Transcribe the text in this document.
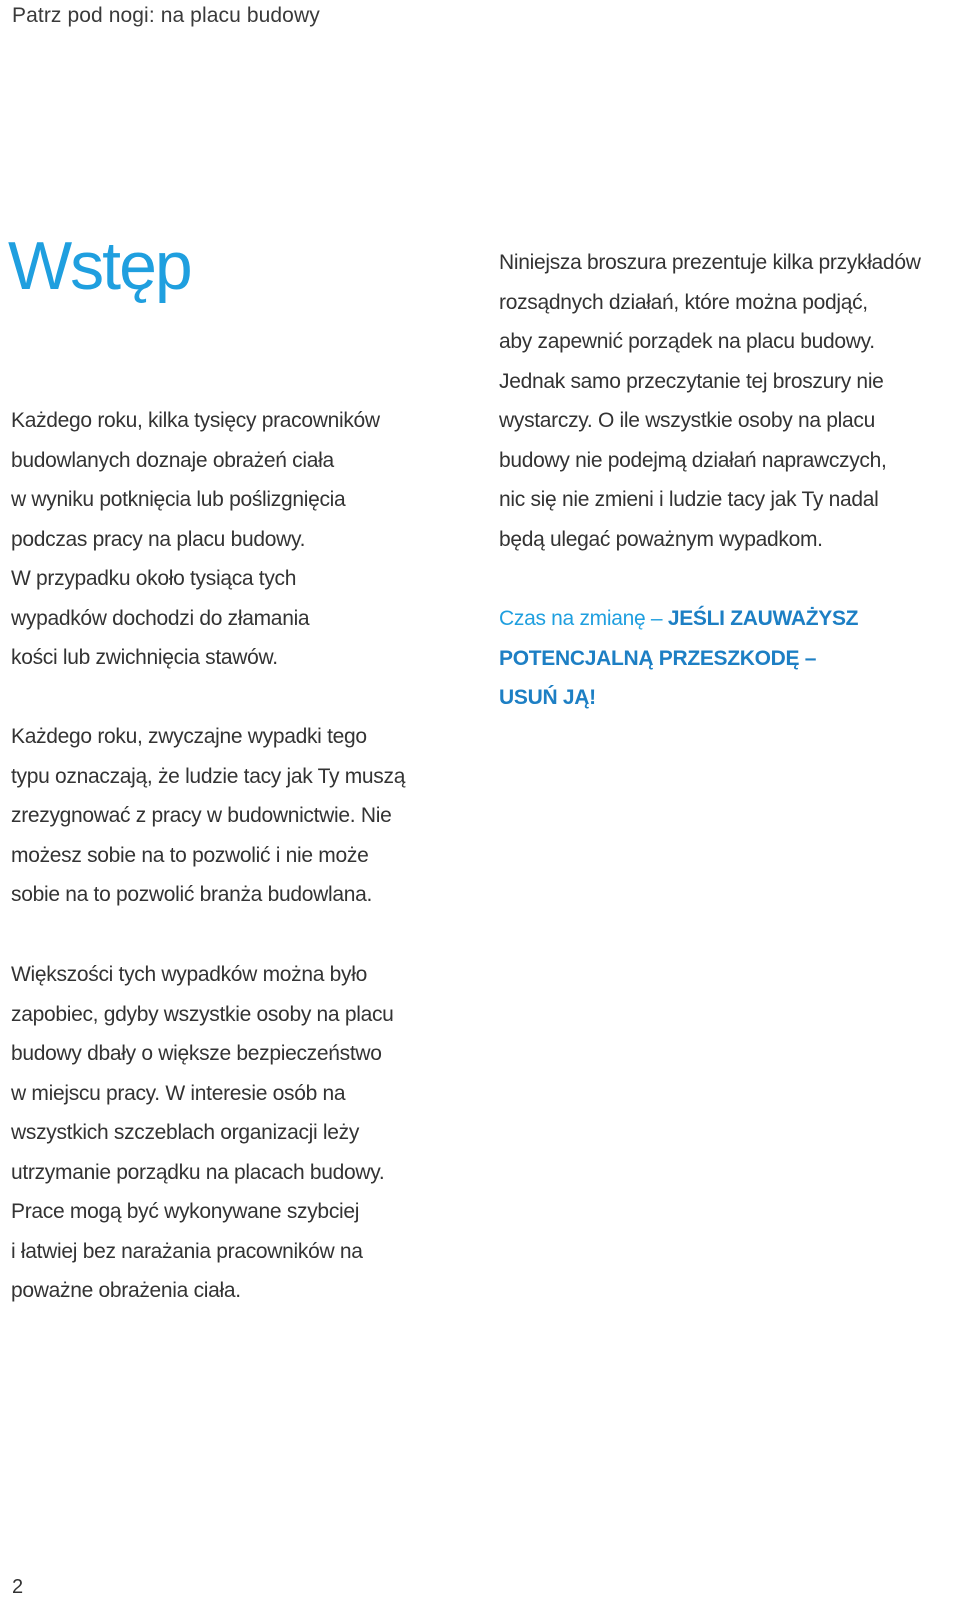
Patrz pod nogi: na placu budowy
Wstęp

Każdego roku, kilka tysięcy pracowników

budowlanych doznaje obrażeń ciała

w wyniku potknięcia lub poślizgnięcia

podczas pracy na placu budowy.

W przypadku około tysiąca tych

wypadków dochodzi do złamania

kości lub zwichnięcia stawów.

Każdego roku, zwyczajne wypadki tego

typu oznaczają, że ludzie tacy jak Ty muszą

zrezygnować z pracy w budownictwie. Nie

możesz sobie na to pozwolić i nie może

sobie na to pozwolić branża budowlana.

Większości tych wypadków można było

zapobiec, gdyby wszystkie osoby na placu

budowy dbały o większe bezpieczeństwo

w miejscu pracy. W interesie osób na

wszystkich szczeblach organizacji leży

utrzymanie porządku na placach budowy.

Prace mogą być wykonywane szybciej

i łatwiej bez narażania pracowników na

poważne obrażenia ciała.

Niniejsza broszura prezentuje kilka przykładów

rozsądnych działań, które można podjąć,

aby zapewnić porządek na placu budowy.

Jednak samo przeczytanie tej broszury nie

wystarczy. O ile wszystkie osoby na placu

budowy nie podejmą działań naprawczych,

nic się nie zmieni i ludzie tacy jak Ty nadal

będą ulegać poważnym wypadkom.

Czas na zmianę – JEŚLI ZAUWAŻYSZ

POTENCJALNĄ PRZESZKODĘ –

USUŃ JĄ!

2
